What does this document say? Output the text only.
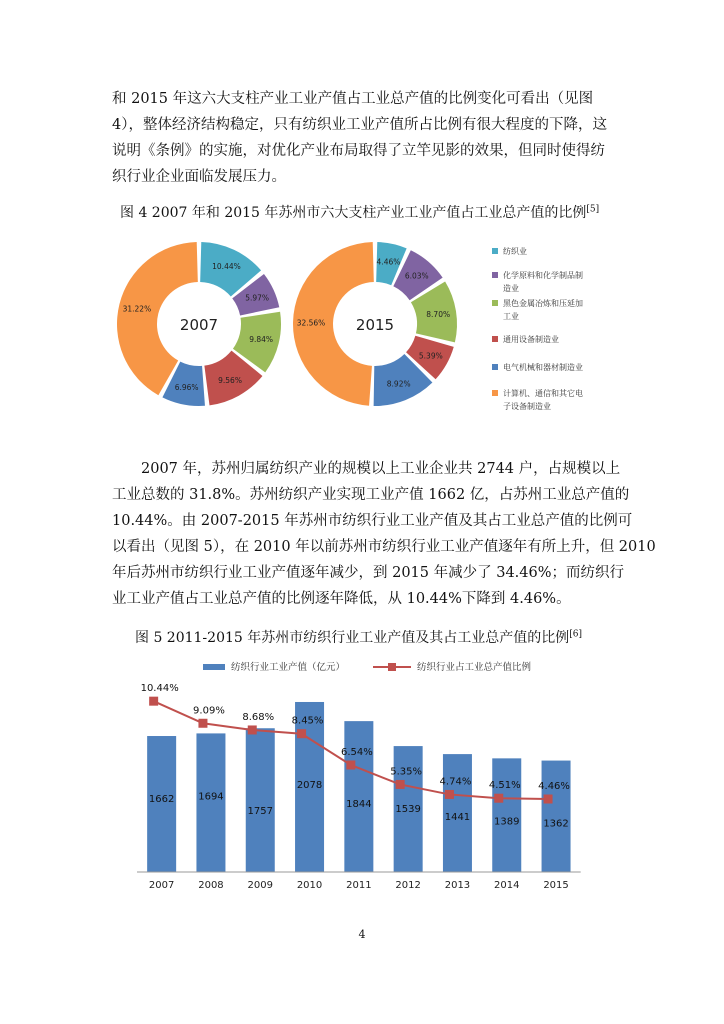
和 2015 年这六大支柱产业工业产值占工业总产值的比例变化可看出（见图
4），整体经济结构稳定，只有纺织业工业产值所占比例有很大程度的下降，这
说明《条例》的实施，对优化产业布局取得了立竿见影的效果，但同时使得纺
织行业企业面临发展压力。

图 4 2007 年和 2015 年苏州市六大支柱产业工业产值占工业总产值的比例[5]
10.44%
5.97%
9.84%
9.56%
6.96%
31.22%
2007
4.46%
6.03%
8.70%
5.39%
8.92%
32.56% 2015
纺织业
化学原料和化学制品制
造业
黑色金属冶炼和压延加
工业
通用设备制造业
电气机械和器材制造业
计算机、通信和其它电
子设备制造业

2007 年，苏州归属纺织产业的规模以上工业企业共 2744 户，占规模以上
工业总数的 31.8%。苏州纺织产业实现工业产值 1662 亿，占苏州工业总产值的
10.44%。由 2007-2015 年苏州市纺织行业工业产值及其占工业总产值的比例可
以看出（见图 5），在 2010 年以前苏州市纺织行业工业产值逐年有所上升，但 2010
年后苏州市纺织行业工业产值逐年减少，到 2015 年减少了 34.46%；而纺织行
业工业产值占工业总产值的比例逐年降低，从 10.44%下降到 4.46%。

图 5 2011-2015 年苏州市纺织行业工业产值及其占工业总产值的比例[6]
纺织行业工业产值（亿元）	纺织行业占工业总产值比例
1662 1694
1757
2078
1844 1539
1441 1389 1362
10.44%
9.09%
8.68% 8.45%
6.54%
5.35%
4.74% 4.51% 4.46%
2007 2008 2009 2010 2011 2012 2013 2014 2015
4
